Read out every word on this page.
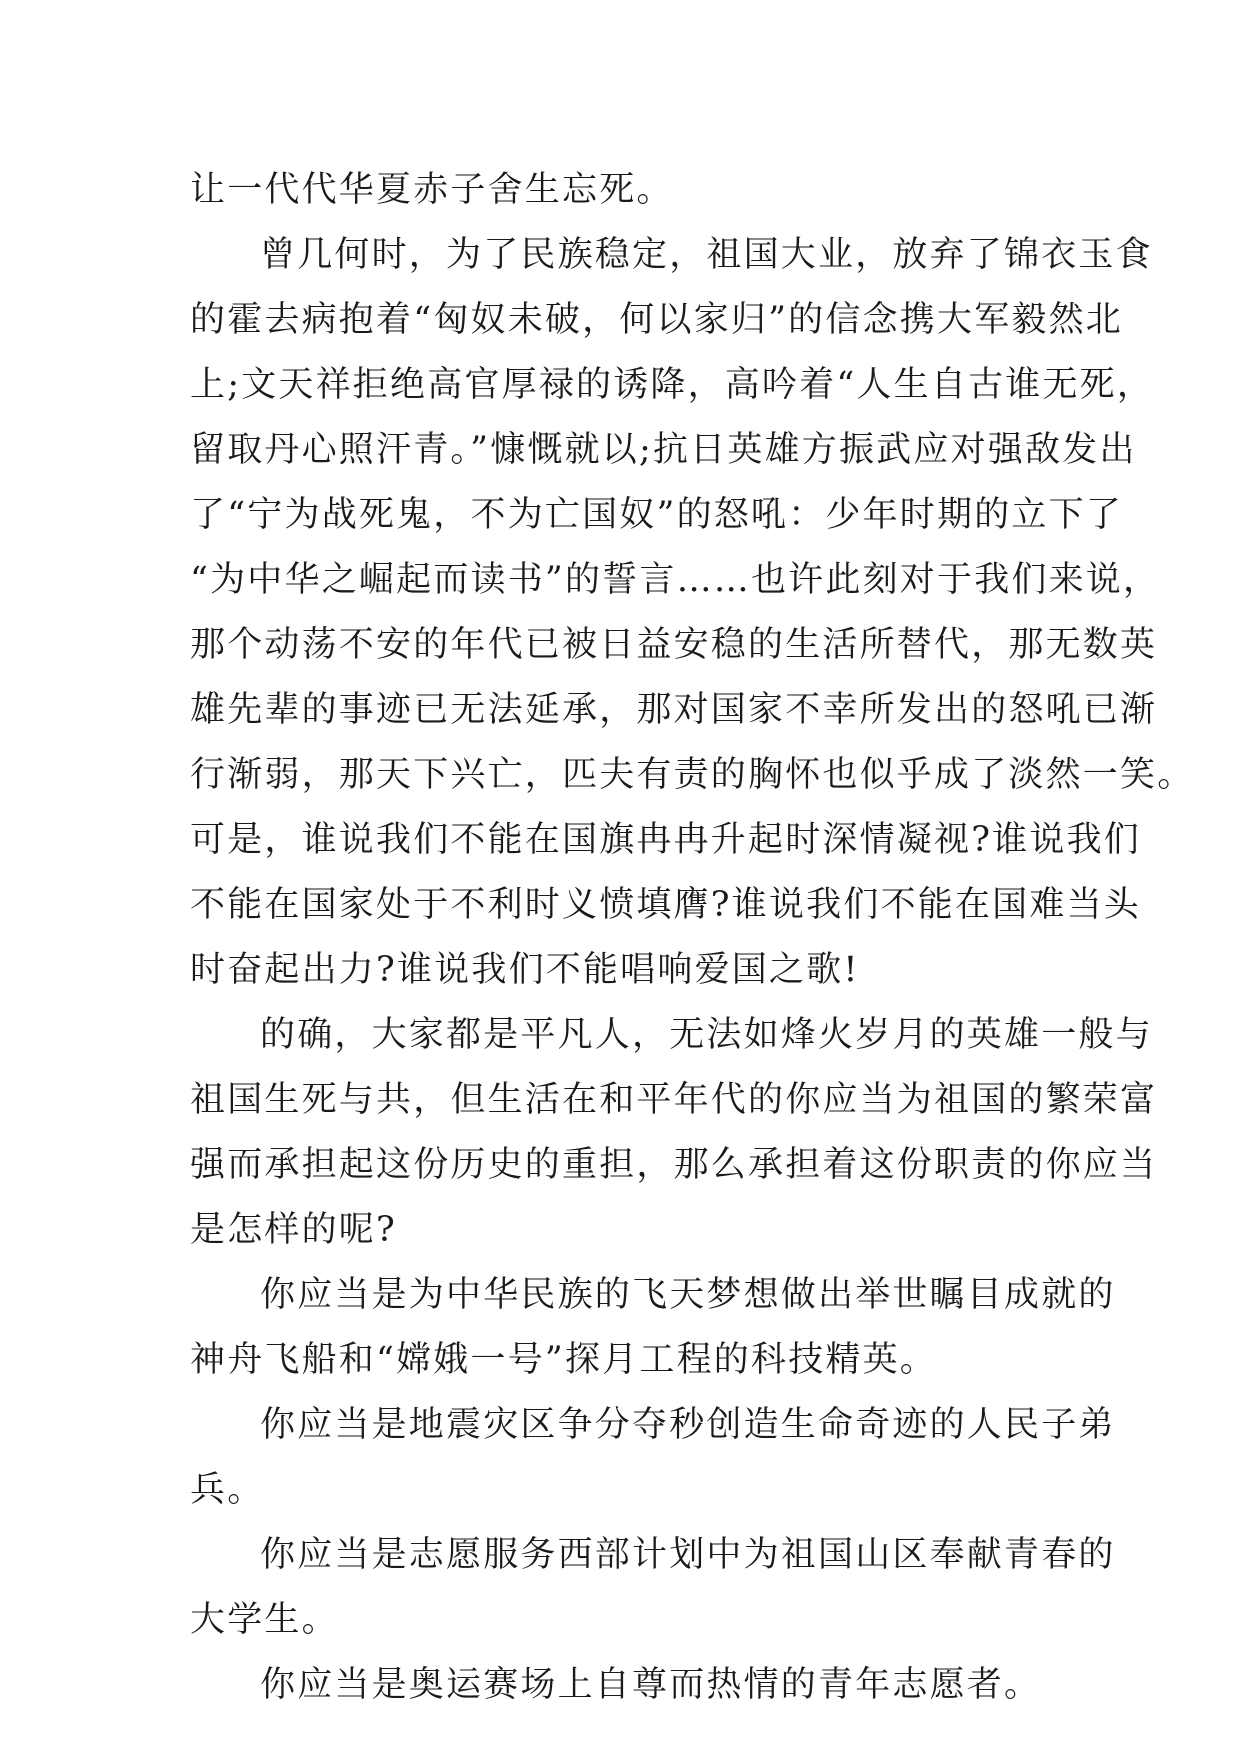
让一代代华夏赤子舍生忘死。
曾几何时，为了民族稳定，祖国大业，放弃了锦衣玉食
的霍去病抱着“匈奴未破，何以家归”的信念携大军毅然北
上;文天祥拒绝高官厚禄的诱降，高吟着“人生自古谁无死，
留取丹心照汗青。”慷慨就以;抗日英雄方振武应对强敌发出
了“宁为战死鬼，不为亡国奴”的怒吼：少年时期的立下了
“为中华之崛起而读书”的誓言……也许此刻对于我们来说，
那个动荡不安的年代已被日益安稳的生活所替代，那无数英
雄先辈的事迹已无法延承，那对国家不幸所发出的怒吼已渐
行渐弱，那天下兴亡，匹夫有责的胸怀也似乎成了淡然一笑。
可是，谁说我们不能在国旗冉冉升起时深情凝视?谁说我们
不能在国家处于不利时义愤填膺?谁说我们不能在国难当头
时奋起出力?谁说我们不能唱响爱国之歌!
的确，大家都是平凡人，无法如烽火岁月的英雄一般与
祖国生死与共，但生活在和平年代的你应当为祖国的繁荣富
强而承担起这份历史的重担，那么承担着这份职责的你应当
是怎样的呢?
你应当是为中华民族的飞天梦想做出举世瞩目成就的
神舟飞船和“嫦娥一号”探月工程的科技精英。
你应当是地震灾区争分夺秒创造生命奇迹的人民子弟
兵。
你应当是志愿服务西部计划中为祖国山区奉献青春的
大学生。
你应当是奥运赛场上自尊而热情的青年志愿者。
